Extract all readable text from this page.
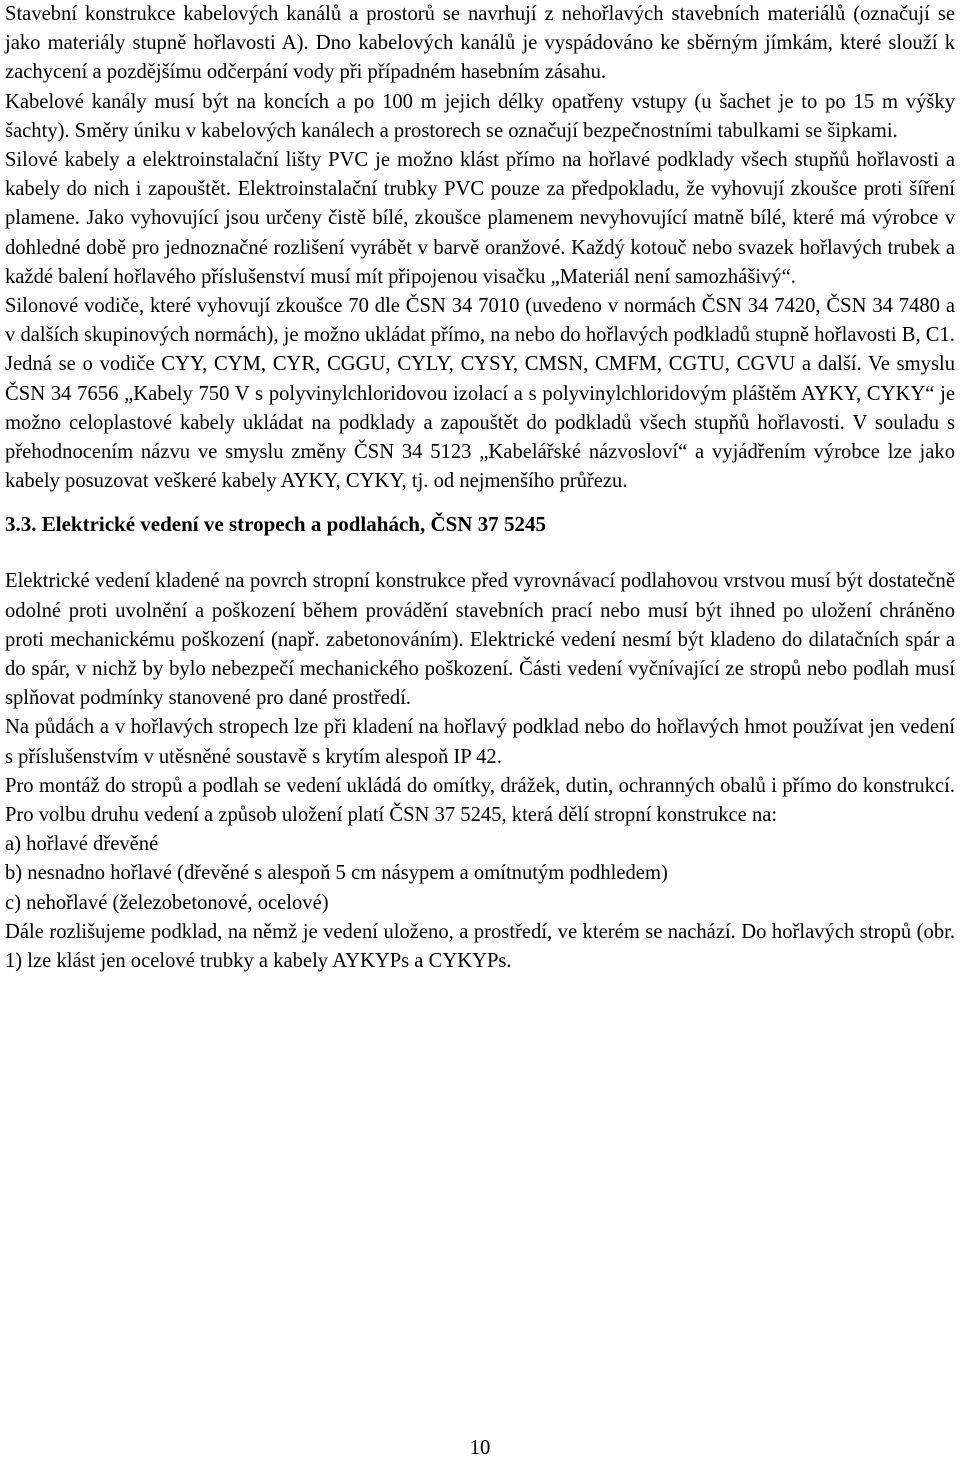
Stavební konstrukce kabelových kanálů a prostorů se navrhují z nehořlavých stavebních materiálů (označují se jako materiály stupně hořlavosti A). Dno kabelových kanálů je vyspádováno ke sběrným jímkám, které slouží k zachycení a pozdějšímu odčerpání vody při případném hasebním zásahu.

Kabelové kanály musí být na koncích a po 100 m jejich délky opatřeny vstupy (u šachet je to po 15 m výšky šachty). Směry úniku v kabelových kanálech a prostorech se označují bezpečnostními tabulkami se šipkami.

Silové kabely a elektroinstalační lišty PVC je možno klást přímo na hořlavé podklady všech stupňů hořlavosti a kabely do nich i zapouštět. Elektroinstalační trubky PVC pouze za předpokladu, že vyhovují zkoušce proti šíření plamene. Jako vyhovující jsou určeny čistě bílé, zkoušce plamenem nevyhovující matně bílé, které má výrobce v dohledné době pro jednoznačné rozlišení vyrábět v barvě oranžové. Každý kotouč nebo svazek hořlavých trubek a každé balení hořlavého příslušenství musí mít připojenou visačku „Materiál není samozhášivý“.

Silonové vodiče, které vyhovují zkoušce 70 dle ČSN 34 7010 (uvedeno v normách ČSN 34 7420, ČSN 34 7480 a v dalších skupinových normách), je možno ukládat přímo, na nebo do hořlavých podkladů stupně hořlavosti B, C1. Jedná se o vodiče CYY, CYM, CYR, CGGU, CYLY, CYSY, CMSN, CMFM, CGTU, CGVU a další. Ve smyslu ČSN 34 7656 „Kabely 750 V s polyvinylchloridovou izolací a s polyvinylchloridovým pláštěm AYKY, CYKY“ je možno celoplastové kabely ukládat na podklady a zapouštět do podkladů všech stupňů hořlavosti. V souladu s přehodnocením názvu ve smyslu změny ČSN 34 5123 „Kabelářské názvosloví“ a vyjádřením výrobce lze jako kabely posuzovat veškeré kabely AYKY, CYKY, tj. od nejmenšího průřezu.

3.3. Elektrické vedení ve stropech a podlahách, ČSN 37 5245

Elektrické vedení kladené na povrch stropní konstrukce před vyrovnávací podlahovou vrstvou musí být dostatečně odolné proti uvolnění a poškození během provádění stavebních prací nebo musí být ihned po uložení chráněno proti mechanickému poškození (např. zabetonováním). Elektrické vedení nesmí být kladeno do dilatačních spár a do spár, v nichž by bylo nebezpečí mechanického poškození. Části vedení vyčnívající ze stropů nebo podlah musí splňovat podmínky stanovené pro dané prostředí.

Na půdách a v hořlavých stropech lze při kladení na hořlavý podklad nebo do hořlavých hmot používat jen vedení s příslušenstvím v utěsněné soustavě s krytím alespoň IP 42.

Pro montáž do stropů a podlah se vedení ukládá do omítky, drážek, dutin, ochranných obalů i přímo do konstrukcí. Pro volbu druhu vedení a způsob uložení platí ČSN 37 5245, která dělí stropní konstrukce na:

a) hořlavé dřevěné

b) nesnadno hořlavé (dřevěné s alespoň 5 cm násypem a omítnutým podhledem)

c) nehořlavé (železobetonové, ocelové)

Dále rozlišujeme podklad, na němž je vedení uloženo, a prostředí, ve kterém se nachází. Do hořlavých stropů (obr. 1) lze klást jen ocelové trubky a kabely AYKYPs a CYKYPs.

10
